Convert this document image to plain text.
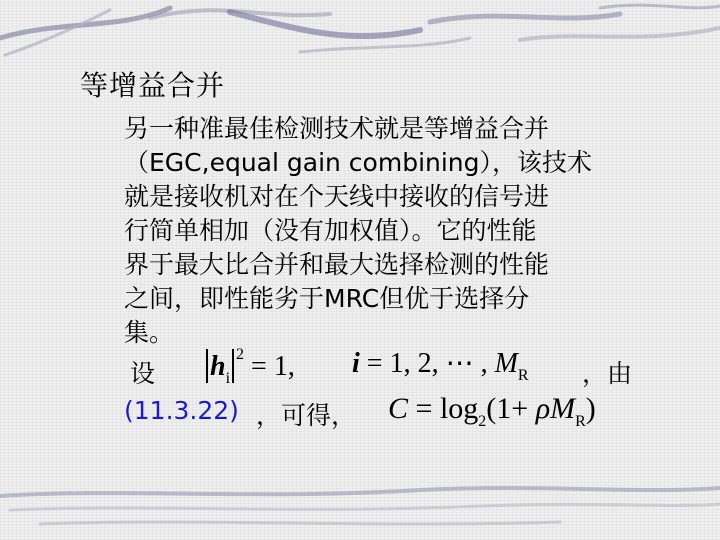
等增益合并
另一种准最佳检测技术就是等增益合并
（EGC,equal gain combining），该技术
就是接收机对在个天线中接收的信号进
行简单相加（没有加权值）。它的性能
界于最大比合并和最大选择检测的性能
之间，即性能劣于MRC但优于选择分
集。
设 $h_i^2 = 1$, i = 1, 2, ⋯ , $M_R$ ，由
(11.3.22) ，可得， $C = \log_2(1+ \rho M_R)$
